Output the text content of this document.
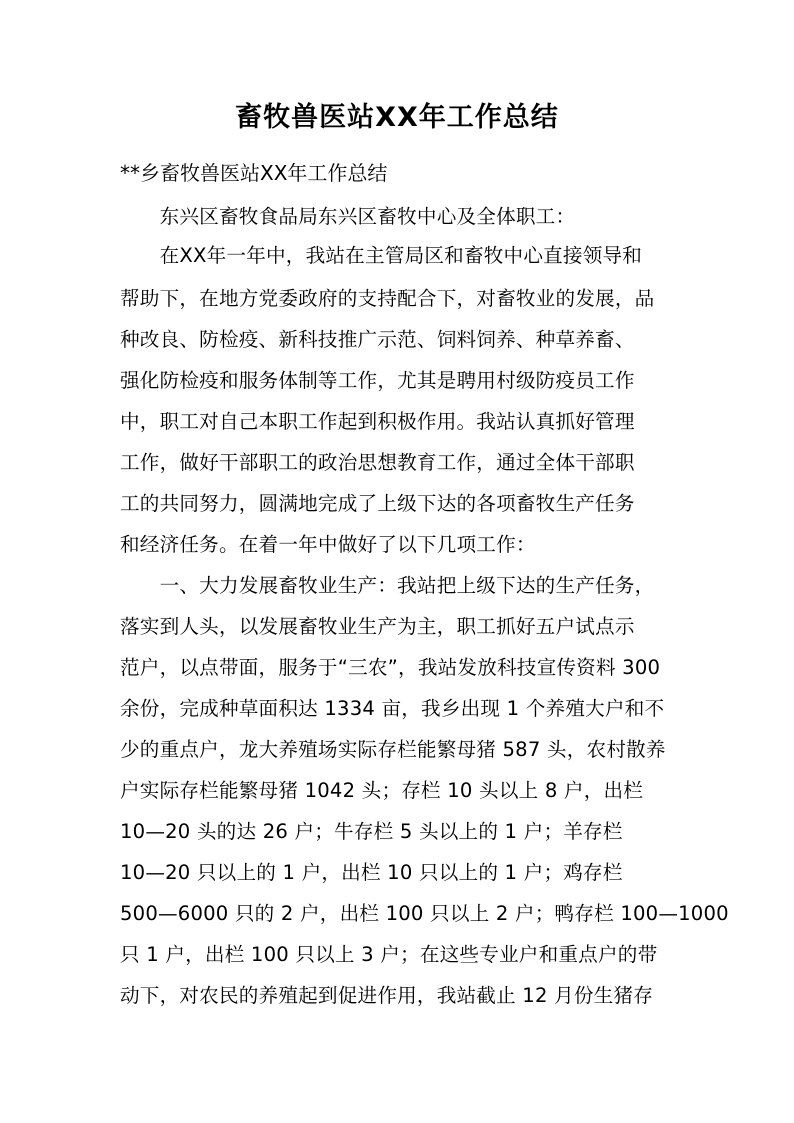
畜牧兽医站XX年工作总结
**乡畜牧兽医站XX年工作总结
　　东兴区畜牧食品局东兴区畜牧中心及全体职工：
　　在XX年一年中，我站在主管局区和畜牧中心直接领导和
帮助下，在地方党委政府的支持配合下，对畜牧业的发展，品
种改良、防检疫、新科技推广示范、饲料饲养、种草养畜、
强化防检疫和服务体制等工作，尤其是聘用村级防疫员工作
中，职工对自己本职工作起到积极作用。我站认真抓好管理
工作，做好干部职工的政治思想教育工作，通过全体干部职
工的共同努力，圆满地完成了上级下达的各项畜牧生产任务
和经济任务。在着一年中做好了以下几项工作：
　　一、大力发展畜牧业生产：我站把上级下达的生产任务，
落实到人头，以发展畜牧业生产为主，职工抓好五户试点示
范户，以点带面，服务于“三农”，我站发放科技宣传资料 300
余份，完成种草面积达 1334 亩，我乡出现 1 个养殖大户和不
少的重点户，龙大养殖场实际存栏能繁母猪 587 头，农村散养
户实际存栏能繁母猪 1042 头；存栏 10 头以上 8 户，出栏
10—20 头的达 26 户；牛存栏 5 头以上的 1 户；羊存栏
10—20 只以上的 1 户，出栏 10 只以上的 1 户；鸡存栏
500—6000 只的 2 户，出栏 100 只以上 2 户；鸭存栏 100—1000
只 1 户，出栏 100 只以上 3 户；在这些专业户和重点户的带
动下，对农民的养殖起到促进作用，我站截止 12 月份生猪存
